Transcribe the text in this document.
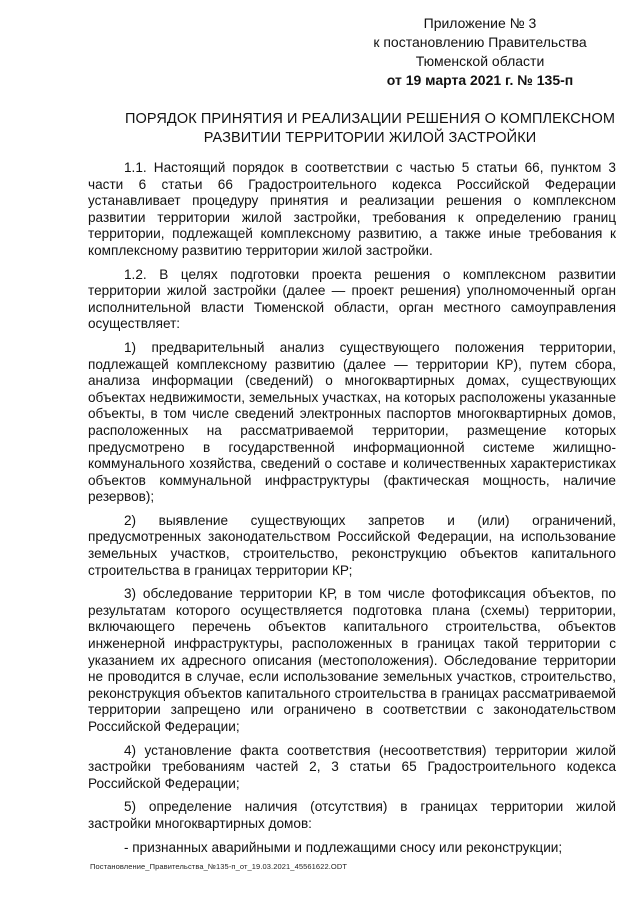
Приложение № 3
к постановлению Правительства
Тюменской области
от 19 марта 2021 г. № 135-п
ПОРЯДОК ПРИНЯТИЯ И РЕАЛИЗАЦИИ РЕШЕНИЯ О КОМПЛЕКСНОМ
РАЗВИТИИ ТЕРРИТОРИИ ЖИЛОЙ ЗАСТРОЙКИ

1.1. Настоящий порядок в соответствии с частью 5 статьи 66, пунктом 3 части 6 статьи 66 Градостроительного кодекса Российской Федерации устанавливает процедуру принятия и реализации решения о комплексном развитии территории жилой застройки, требования к определению границ территории, подлежащей комплексному развитию, а также иные требования к комплексному развитию территории жилой застройки.

1.2. В целях подготовки проекта решения о комплексном развитии территории жилой застройки (далее — проект решения) уполномоченный орган исполнительной власти Тюменской области, орган местного самоуправления осуществляет:

1) предварительный анализ существующего положения территории, подлежащей комплексному развитию (далее — территории КР), путем сбора, анализа информации (сведений) о многоквартирных домах, существующих объектах недвижимости, земельных участках, на которых расположены указанные объекты, в том числе сведений электронных паспортов многоквартирных домов, расположенных на рассматриваемой территории, размещение которых предусмотрено в государственной информационной системе жилищно-коммунального хозяйства, сведений о составе и количественных характеристиках объектов коммунальной инфраструктуры (фактическая мощность, наличие резервов);

2) выявление существующих запретов и (или) ограничений, предусмотренных законодательством Российской Федерации, на использование земельных участков, строительство, реконструкцию объектов капитального строительства в границах территории КР;

3) обследование территории КР, в том числе фотофиксация объектов, по результатам которого осуществляется подготовка плана (схемы) территории, включающего перечень объектов капитального строительства, объектов инженерной инфраструктуры, расположенных в границах такой территории с указанием их адресного описания (местоположения). Обследование территории не проводится в случае, если использование земельных участков, строительство, реконструкция объектов капитального строительства в границах рассматриваемой территории запрещено или ограничено в соответствии с законодательством Российской Федерации;

4) установление факта соответствия (несоответствия) территории жилой застройки требованиям частей 2, 3 статьи 65 Градостроительного кодекса Российской Федерации;

5) определение наличия (отсутствия) в границах территории жилой застройки многоквартирных домов:

- признанных аварийными и подлежащими сносу или реконструкции;

Постановление_Правительства_№135-п_от_19.03.2021_45561622.ODT
